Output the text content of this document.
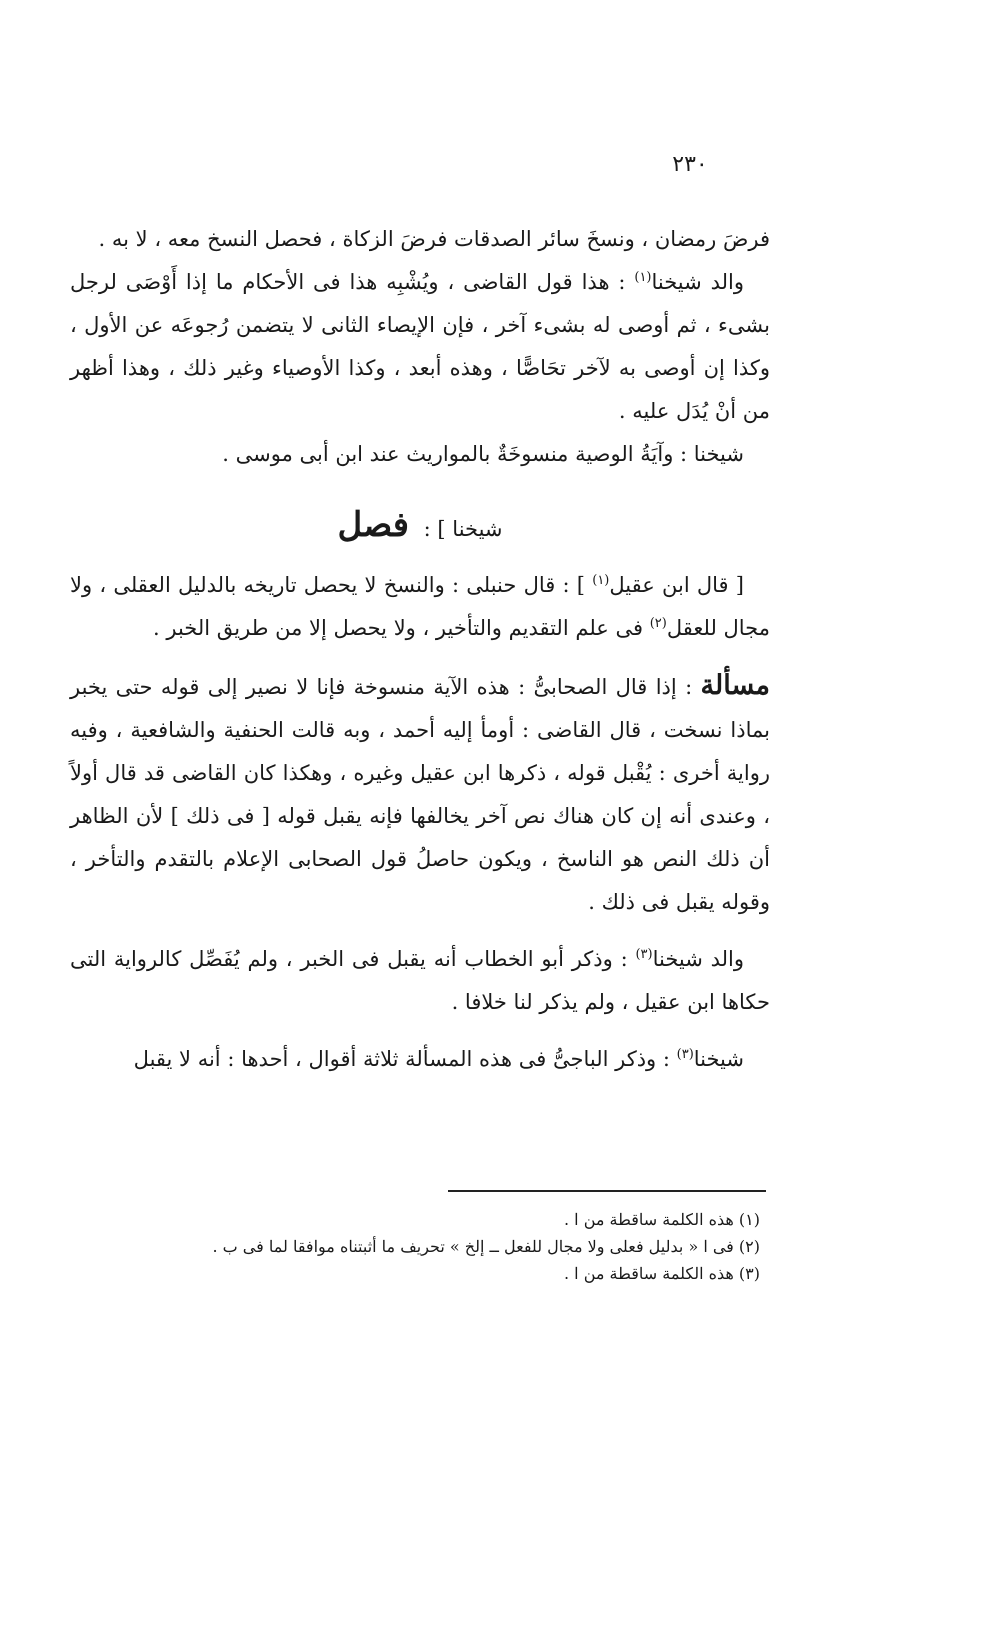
٢٣٠

فرضَ رمضان ، ونسخَ سائر الصدقات فرضَ الزكاة ، فحصل النسخ معه ، لا به .

والد شيخنا$^{(١)}$ : هذا قول القاضى ، ويُشْبِه هذا فى الأحكام ما إذا أَوْصَى لرجل بشىء ، ثم أوصى له بشىء آخر ، فإن الإيصاء الثانى لا يتضمن رُجوعَه عن الأول ، وكذا إن أوصى به لآخر تحَاصًّا ، وهذه أبعد ، وكذا الأوصياء وغير ذلك ، وهذا أظهر من أنْ يُدَل عليه .

شيخنا : وآيَةُ الوصية منسوخَةٌ بالمواريث عند ابن أبى موسى .

شيخنا ] : فصل

[ قال ابن عقيل$^{(١)}$ ] : قال حنبلى : والنسخ لا يحصل تاريخه بالدليل العقلى ، ولا مجال للعقل$^{(٢)}$ فى علم التقديم والتأخير ، ولا يحصل إلا من طريق الخبر .

مسألة : إذا قال الصحابىُّ : هذه الآية منسوخة فإنا لا نصير إلى قوله حتى يخبر بماذا نسخت ، قال القاضى : أومأ إليه أحمد ، وبه قالت الحنفية والشافعية ، وفيه رواية أخرى : يُقْبل قوله ، ذكرها ابن عقيل وغيره ، وهكذا كان القاضى قد قال أولاً ، وعندى أنه إن كان هناك نص آخر يخالفها فإنه يقبل قوله [ فى ذلك ] لأن الظاهر أن ذلك النص هو الناسخ ، ويكون حاصلُ قول الصحابى الإعلام بالتقدم والتأخر ، وقوله يقبل فى ذلك .

والد شيخنا$^{(٣)}$ : وذكر أبو الخطاب أنه يقبل فى الخبر ، ولم يُفَصِّل كالرواية التى حكاها ابن عقيل ، ولم يذكر لنا خلافا .

شيخنا$^{(٣)}$ : وذكر الباجىُّ فى هذه المسألة ثلاثة أقوال ، أحدها : أنه لا يقبل

(١) هذه الكلمة ساقطة من ا .

(٢) فى ا « بدليل فعلى ولا مجال للفعل ــ إلخ » تحريف ما أثبتناه موافقا لما فى ب .

(٣) هذه الكلمة ساقطة من ا .
